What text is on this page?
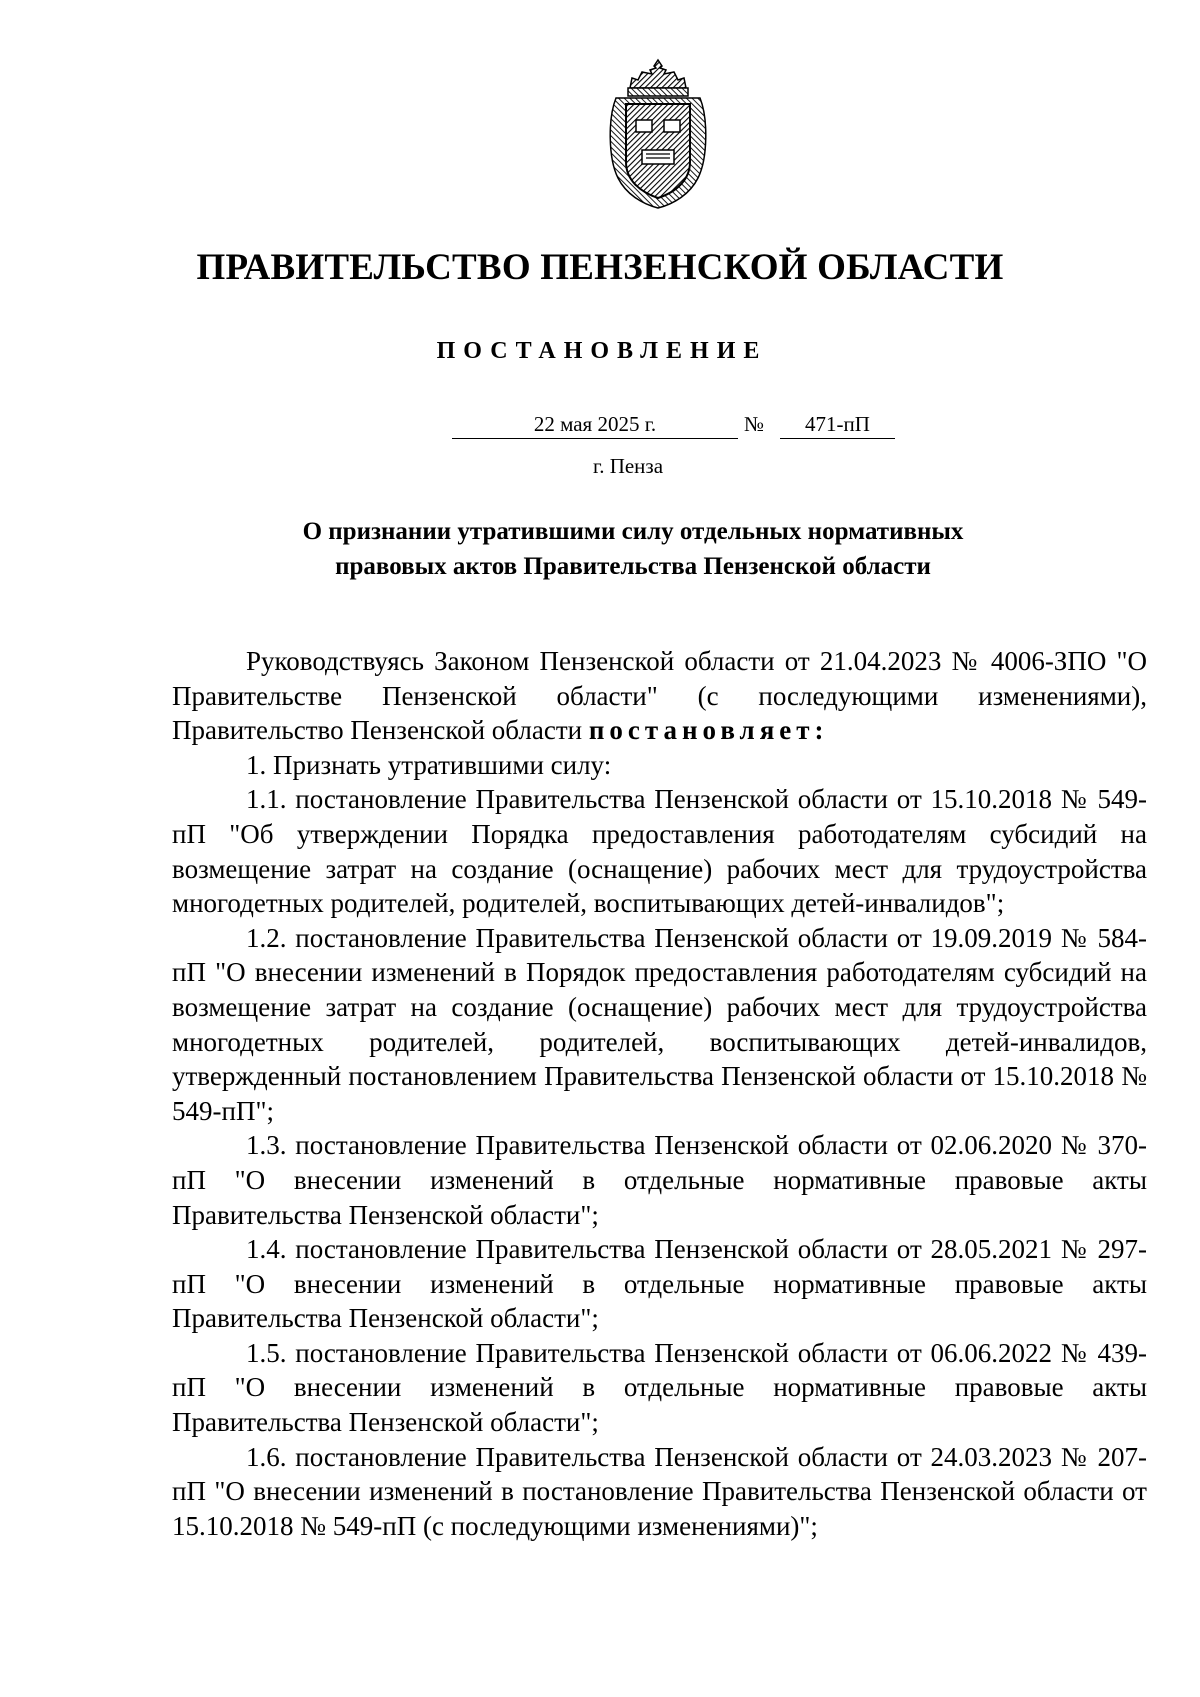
ПРАВИТЕЛЬСТВО ПЕНЗЕНСКОЙ ОБЛАСТИ
ПОСТАНОВЛЕНИЕ
22 мая 2025 г.	№	471-пП
г. Пенза
О признании утратившими силу отдельных нормативных
правовых актов Правительства Пензенской области

Руководствуясь Законом Пензенской области от 21.04.2023 № 4006-ЗПО "О Правительстве Пензенской области" (с последующими изменениями), Правительство Пензенской области постановляет:

1. Признать утратившими силу:

1.1. постановление Правительства Пензенской области от 15.10.2018 № 549-пП "Об утверждении Порядка предоставления работодателям субсидий на возмещение затрат на создание (оснащение) рабочих мест для трудоустройства многодетных родителей, родителей, воспитывающих детей-инвалидов";

1.2. постановление Правительства Пензенской области от 19.09.2019 № 584-пП "О внесении изменений в Порядок предоставления работодателям субсидий на возмещение затрат на создание (оснащение) рабочих мест для трудоустройства многодетных родителей, родителей, воспитывающих детей-инвалидов, утвержденный постановлением Правительства Пензенской области от 15.10.2018 № 549-пП";

1.3. постановление Правительства Пензенской области от 02.06.2020 № 370-пП "О внесении изменений в отдельные нормативные правовые акты Правительства Пензенской области";

1.4. постановление Правительства Пензенской области от 28.05.2021 № 297-пП "О внесении изменений в отдельные нормативные правовые акты Правительства Пензенской области";

1.5. постановление Правительства Пензенской области от 06.06.2022 № 439-пП "О внесении изменений в отдельные нормативные правовые акты Правительства Пензенской области";

1.6. постановление Правительства Пензенской области от 24.03.2023 № 207-пП "О внесении изменений в постановление Правительства Пензенской области от 15.10.2018 № 549-пП (с последующими изменениями)";
